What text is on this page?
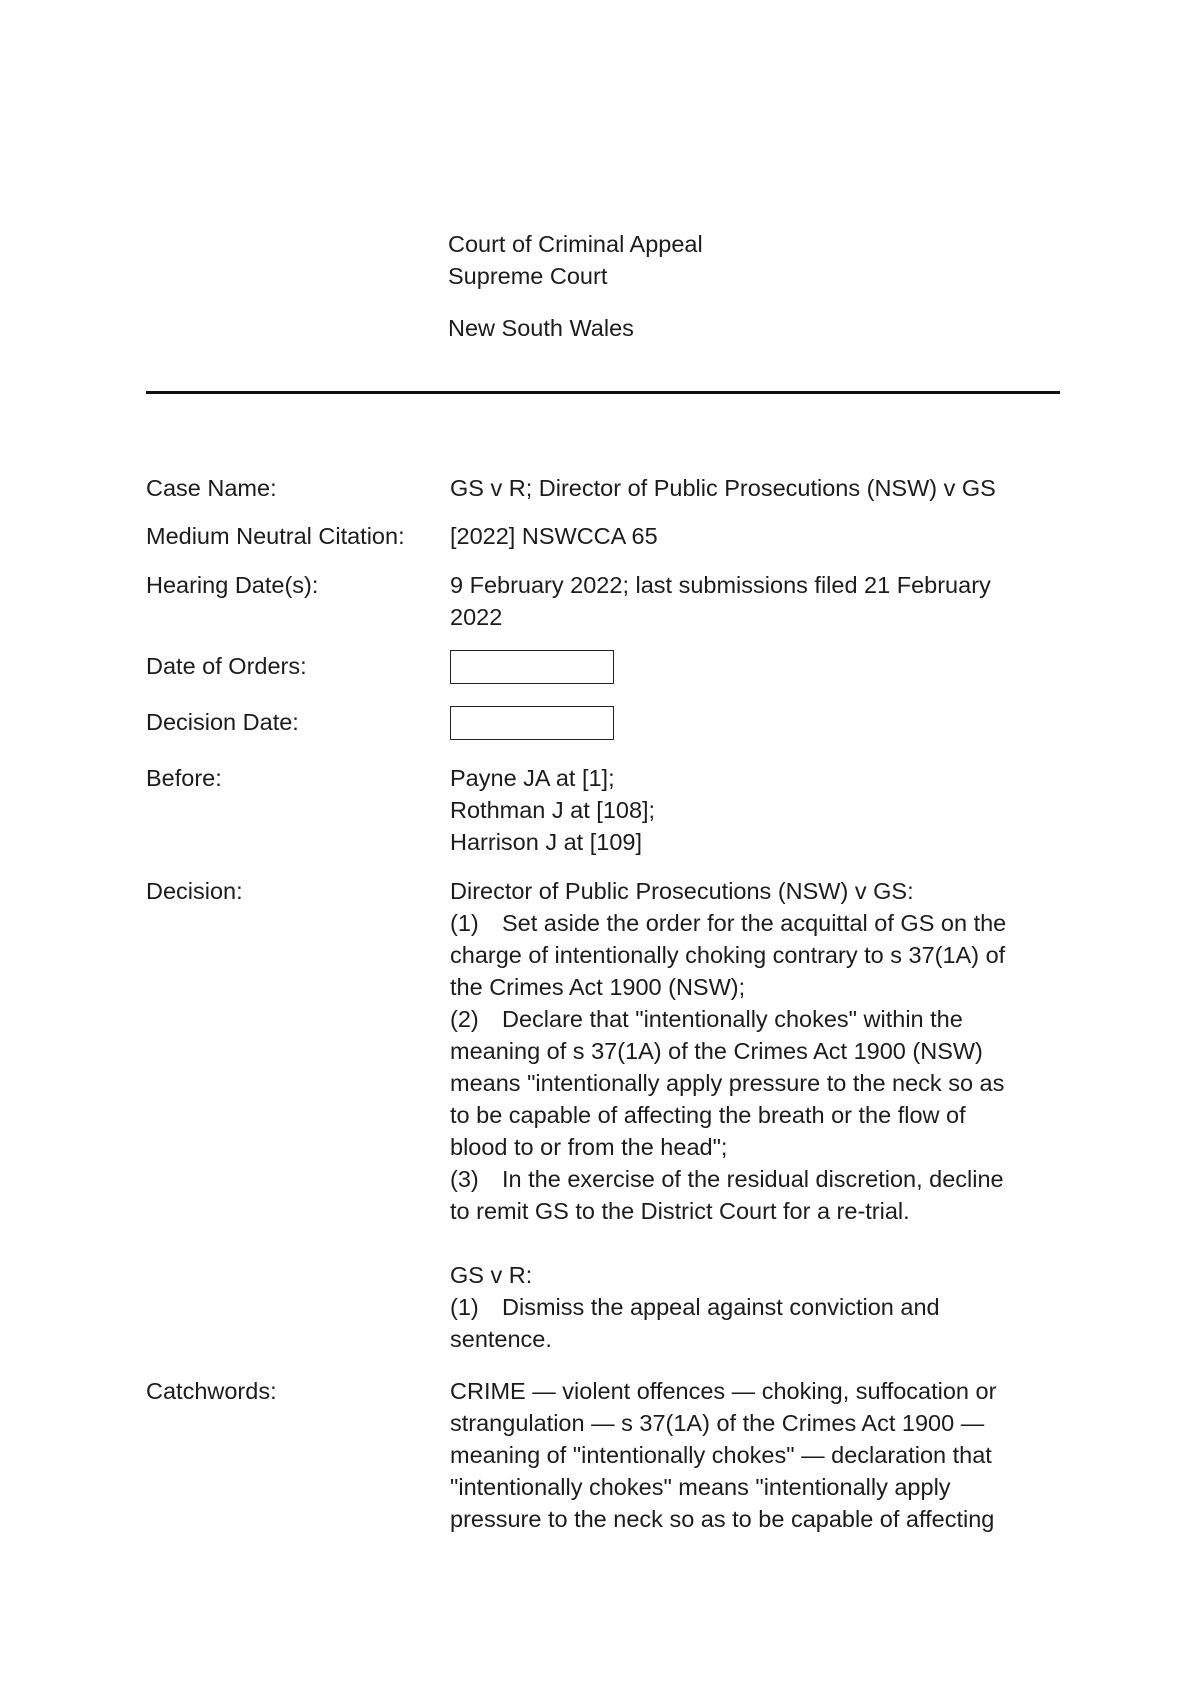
Court of Criminal Appeal
Supreme Court
New South Wales
Case Name:	GS v R; Director of Public Prosecutions (NSW) v GS
Medium Neutral Citation:	[2022] NSWCCA 65
Hearing Date(s):	9 February 2022; last submissions filed 21 February
2022
Date of Orders:
Decision Date:
Before:	Payne JA at [1];
Rothman J at [108];
Harrison J at [109]
Decision:	Director of Public Prosecutions (NSW) v GS:
(1) Set aside the order for the acquittal of GS on the
charge of intentionally choking contrary to s 37(1A) of
the Crimes Act 1900 (NSW);
(2) Declare that "intentionally chokes" within the
meaning of s 37(1A) of the Crimes Act 1900 (NSW)
means "intentionally apply pressure to the neck so as
to be capable of affecting the breath or the flow of
blood to or from the head";
(3) In the exercise of the residual discretion, decline
to remit GS to the District Court for a re-trial.
GS v R:
(1) Dismiss the appeal against conviction and
sentence.
Catchwords:	CRIME — violent offences — choking, suffocation or
strangulation — s 37(1A) of the Crimes Act 1900 —
meaning of "intentionally chokes" — declaration that
"intentionally chokes" means "intentionally apply
pressure to the neck so as to be capable of affecting
